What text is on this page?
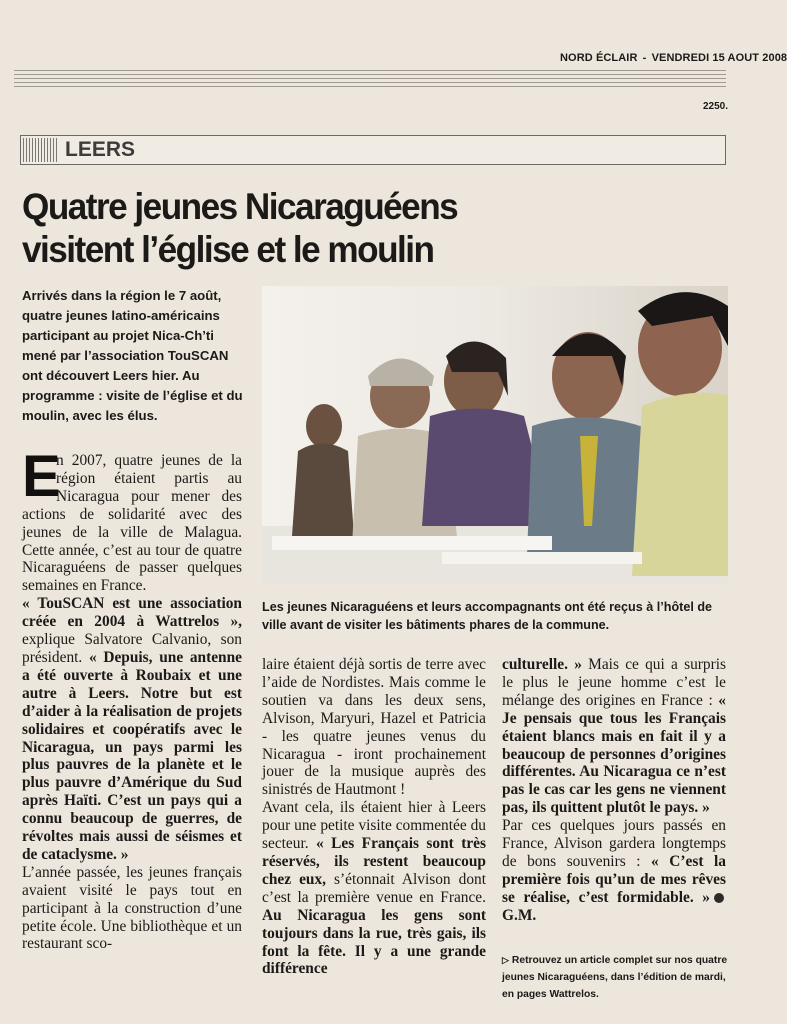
NORD ÉCLAIR - VENDREDI 15 AOUT 2008
2250.
LEERS
Quatre jeunes Nicaraguéens
visitent l’église et le moulin
Arrivés dans la région le 7 août, quatre jeunes latino-américains participant au projet Nica-Ch’ti mené par l’association TouSCAN ont découvert Leers hier. Au programme : visite de l’église et du moulin, avec les élus.
Les jeunes Nicaraguéens et leurs accompagnants ont été reçus à l’hôtel de ville avant de visiter les bâtiments phares de la commune.

E
n 2007, quatre jeunes de la région étaient partis au Nicaragua pour mener des actions de solidarité avec des jeunes de la ville de Malagua. Cette année, c’est au tour de quatre Nicaraguéens de passer quelques semaines en France.

« TouSCAN est une association créée en 2004 à Wattrelos », explique Salvatore Calvanio, son président. « Depuis, une antenne a été ouverte à Roubaix et une autre à Leers. Notre but est d’aider à la réalisation de projets solidaires et coopératifs avec le Nicaragua, un pays parmi les plus pauvres de la planète et le plus pauvre d’Amérique du Sud après Haïti. C’est un pays qui a connu beaucoup de guerres, de révoltes mais aussi de séismes et de cataclysme. »

L’année passée, les jeunes français avaient visité le pays tout en participant à la construction d’une petite école. Une bibliothèque et un restaurant sco-

laire étaient déjà sortis de terre avec l’aide de Nordistes. Mais comme le soutien va dans les deux sens, Alvison, Maryuri, Hazel et Patricia - les quatre jeunes venus du Nicaragua - iront prochainement jouer de la musique auprès des sinistrés de Hautmont !

Avant cela, ils étaient hier à Leers pour une petite visite commentée du secteur. « Les Français sont très réservés, ils restent beaucoup chez eux, s’étonnait Alvison dont c’est la première venue en France. Au Nicaragua les gens sont toujours dans la rue, très gais, ils font la fête. Il y a une grande différence

culturelle. » Mais ce qui a surpris le plus le jeune homme c’est le mélange des origines en France : « Je pensais que tous les Français étaient blancs mais en fait il y a beaucoup de personnes d’origines différentes. Au Nicaragua ce n’est pas le cas car les gens ne viennent pas, ils quittent plutôt le pays. »

Par ces quelques jours passés en France, Alvison gardera longtemps de bons souvenirs : « C’est la première fois qu’un de mes rêves se réalise, c’est formidable. »G.M.

▷ Retrouvez un article complet sur nos quatre jeunes Nicaraguéens, dans l’édition de mardi, en pages Wattrelos.
